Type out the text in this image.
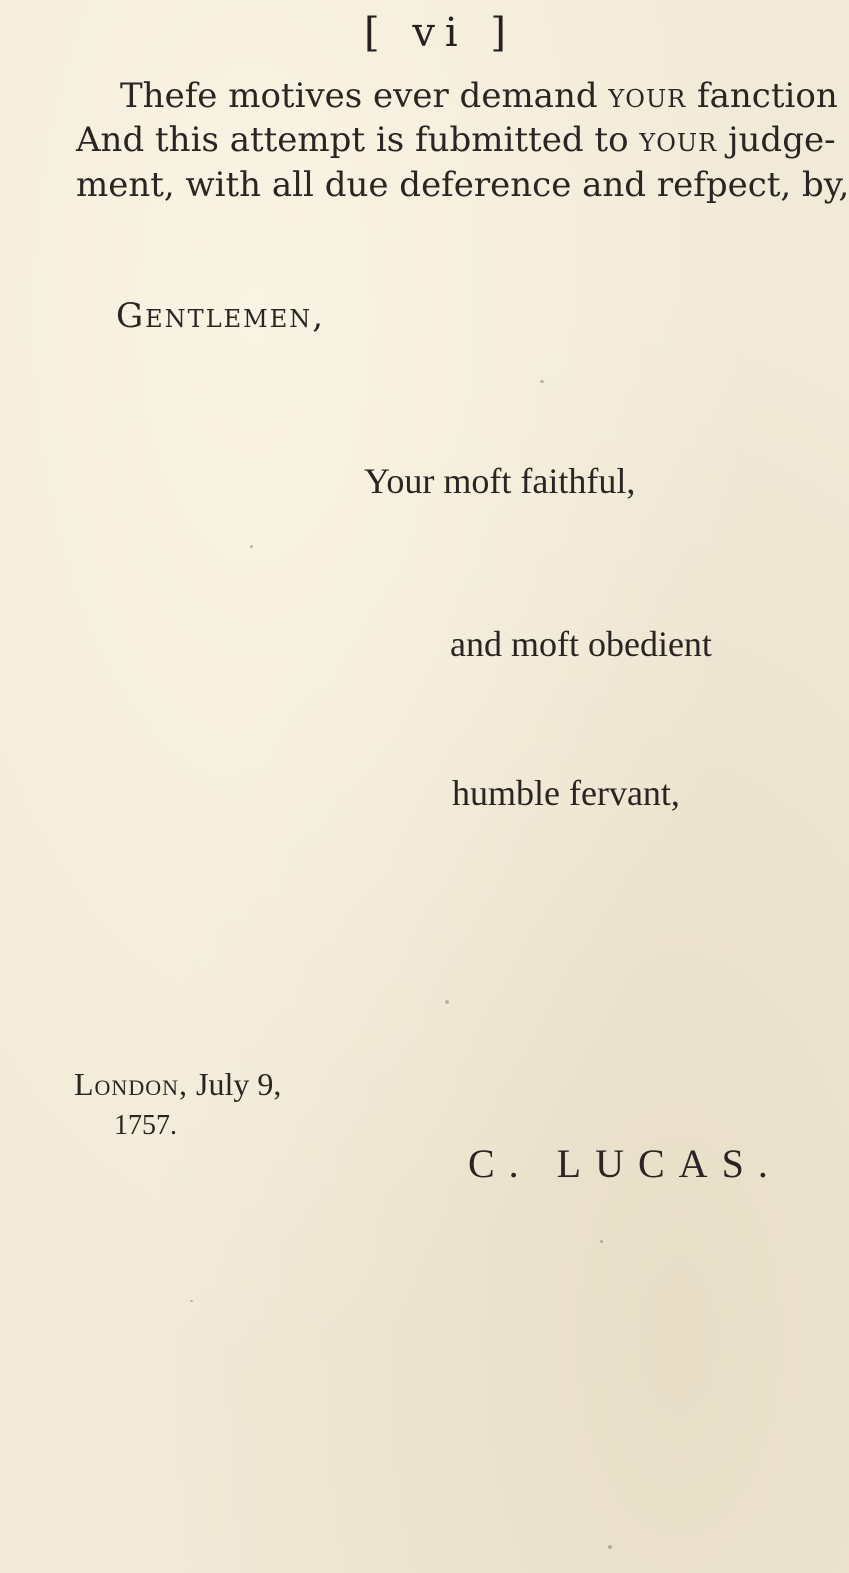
[ vi ]
Thefe motives ever demand your fanction
And this attempt is fubmitted to your judge-
ment, with all due deference and refpect, by,
Gentlemen,
Your moft faithful,
and moft obedient
humble fervant,
London, July 9,
1757.
C. LUCAS.
